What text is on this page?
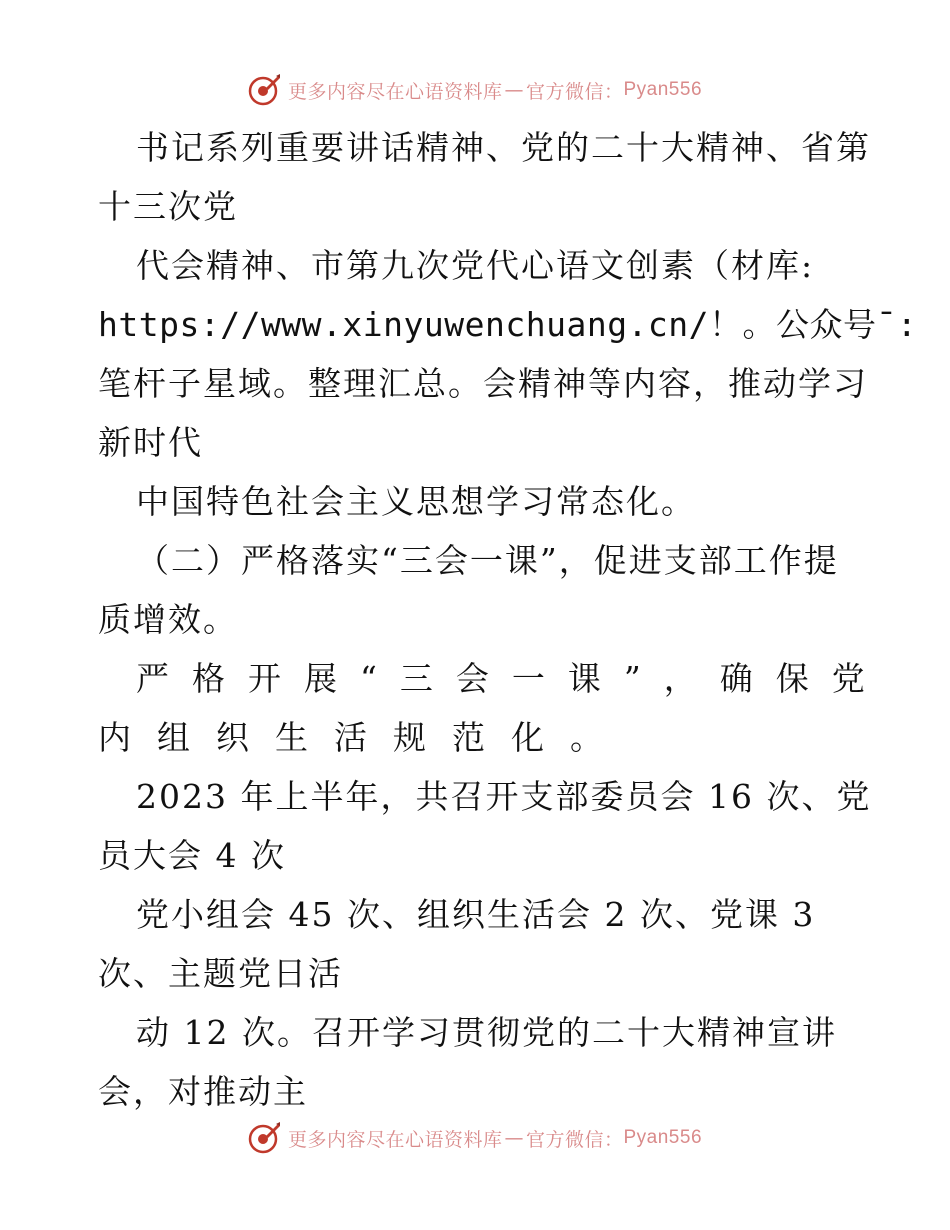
更多内容尽在心语资料库 — 官方微信： Pyan556
书记系列重要讲话精神、党的二十大精神、省第
十三次党
代会精神、市第九次党代心语文创素（材库:
https://www.xinyuwenchuang.cn/！。公众号¯:
笔杆子星域。整理汇总。会精神等内容，推动学习
新时代
中国特色社会主义思想学习常态化。
（二）严格落实“三会一课”，促进支部工作提
质增效。
严格开展“三会一课”，确保党
内组织生活规范化。
2023 年上半年，共召开支部委员会 16 次、党
员大会 4 次
党小组会 45 次、组织生活会 2 次、党课 3
次、主题党日活
动 12 次。召开学习贯彻党的二十大精神宣讲
会，对推动主
更多内容尽在心语资料库 — 官方微信： Pyan556
